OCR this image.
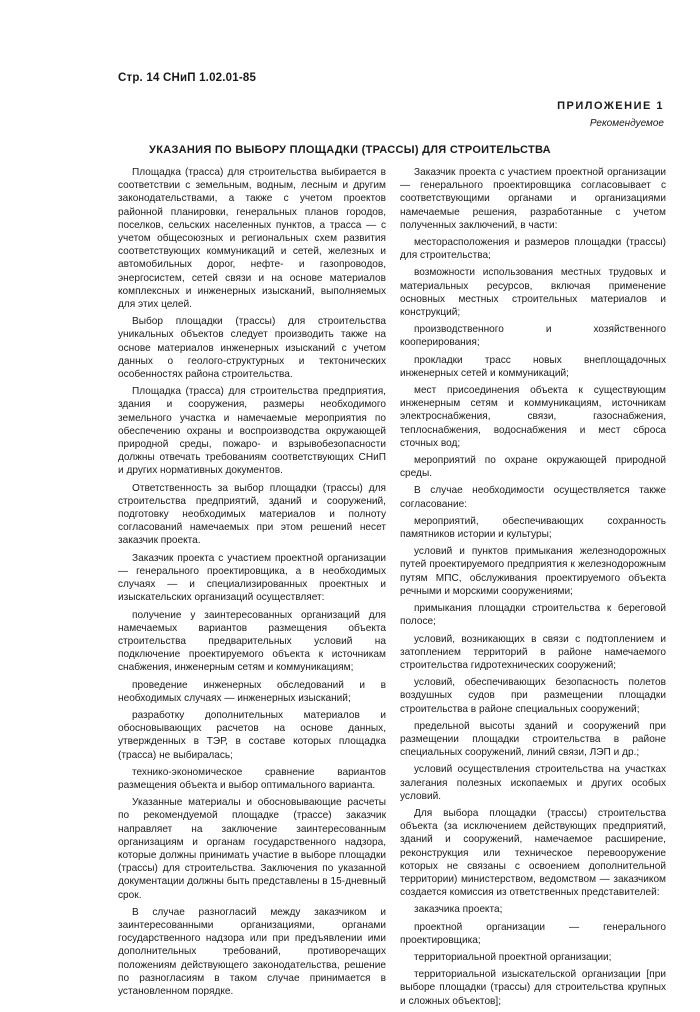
Стр. 14 СНиП 1.02.01-85
ПРИЛОЖЕНИЕ 1
Рекомендуемое
УКАЗАНИЯ ПО ВЫБОРУ ПЛОЩАДКИ (ТРАССЫ) ДЛЯ СТРОИТЕЛЬСТВА

Площадка (трасса) для строительства выбирается в соответствии с земельным, водным, лесным и другим законодательствами, а также с учетом проектов районной планировки, генеральных планов городов, поселков, сельских населенных пунктов, а трасса — с учетом общесоюзных и региональных схем развития соответствующих коммуникаций и сетей, железных и автомобильных дорог, нефте- и газопроводов, энергосистем, сетей связи и на основе материалов комплексных и инженерных изысканий, выполняемых для этих целей.

Выбор площадки (трассы) для строительства уникальных объектов следует производить также на основе материалов инженерных изысканий с учетом данных о геолого-структурных и тектонических особенностях района строительства.

Площадка (трасса) для строительства предприятия, здания и сооружения, размеры необходимого земельного участка и намечаемые мероприятия по обеспечению охраны и воспроизводства окружающей природной среды, пожаро- и взрывобезопасности должны отвечать требованиям соответствующих СНиП и других нормативных документов.

Ответственность за выбор площадки (трассы) для строительства предприятий, зданий и сооружений, подготовку необходимых материалов и полноту согласований намечаемых при этом решений несет заказчик проекта.

Заказчик проекта с участием проектной организации — генерального проектировщика, а в необходимых случаях — и специализированных проектных и изыскательских организаций осуществляет:

получение у заинтересованных организаций для намечаемых вариантов размещения объекта строительства предварительных условий на подключение проектируемого объекта к источникам снабжения, инженерным сетям и коммуникациям;

проведение инженерных обследований и в необходимых случаях — инженерных изысканий;

разработку дополнительных материалов и обосновывающих расчетов на основе данных, утвержденных в ТЭР, в составе которых площадка (трасса) не выбиралась;

технико-экономическое сравнение вариантов размещения объекта и выбор оптимального варианта.

Указанные материалы и обосновывающие расчеты по рекомендуемой площадке (трассе) заказчик направляет на заключение заинтересованным организациям и органам государственного надзора, которые должны принимать участие в выборе площадки (трассы) для строительства. Заключения по указанной документации должны быть представлены в 15-дневный срок.

В случае разногласий между заказчиком и заинтересованными организациями, органами государственного надзора или при предъявлении ими дополнительных требований, противоречащих положениям действующего законодательства, решение по разногласиям в таком случае принимается в установленном порядке.

Заказчик проекта с участием проектной организации — генерального проектировщика согласовывает с соответствующими органами и организациями намечаемые решения, разработанные с учетом полученных заключений, в части:

месторасположения и размеров площадки (трассы) для строительства;

возможности использования местных трудовых и материальных ресурсов, включая применение основных местных строительных материалов и конструкций;

производственного и хозяйственного кооперирования;

прокладки трасс новых внеплощадочных инженерных сетей и коммуникаций;

мест присоединения объекта к существующим инженерным сетям и коммуникациям, источникам электроснабжения, связи, газоснабжения, теплоснабжения, водоснабжения и мест сброса сточных вод;

мероприятий по охране окружающей природной среды.

В случае необходимости осуществляется также согласование:

мероприятий, обеспечивающих сохранность памятников истории и культуры;

условий и пунктов примыкания железнодорожных путей проектируемого предприятия к железнодорожным путям МПС, обслуживания проектируемого объекта речными и морскими сооружениями;

примыкания площадки строительства к береговой полосе;

условий, возникающих в связи с подтоплением и затоплением территорий в районе намечаемого строительства гидротехнических сооружений;

условий, обеспечивающих безопасность полетов воздушных судов при размещении площадки строительства в районе специальных сооружений;

предельной высоты зданий и сооружений при размещении площадки строительства в районе специальных сооружений, линий связи, ЛЭП и др.;

условий осуществления строительства на участках залегания полезных ископаемых и других особых условий.

Для выбора площадки (трассы) строительства объекта (за исключением действующих предприятий, зданий и сооружений, намечаемое расширение, реконструкция или техническое перевооружение которых не связаны с освоением дополнительной территории) министерством, ведомством — заказчиком создается комиссия из ответственных представителей:

заказчика проекта;

проектной организации — генерального проектировщика;

территориальной проектной организации;

территориальной изыскательской организации [при выборе площадки (трассы) для строительства крупных и сложных объектов];
